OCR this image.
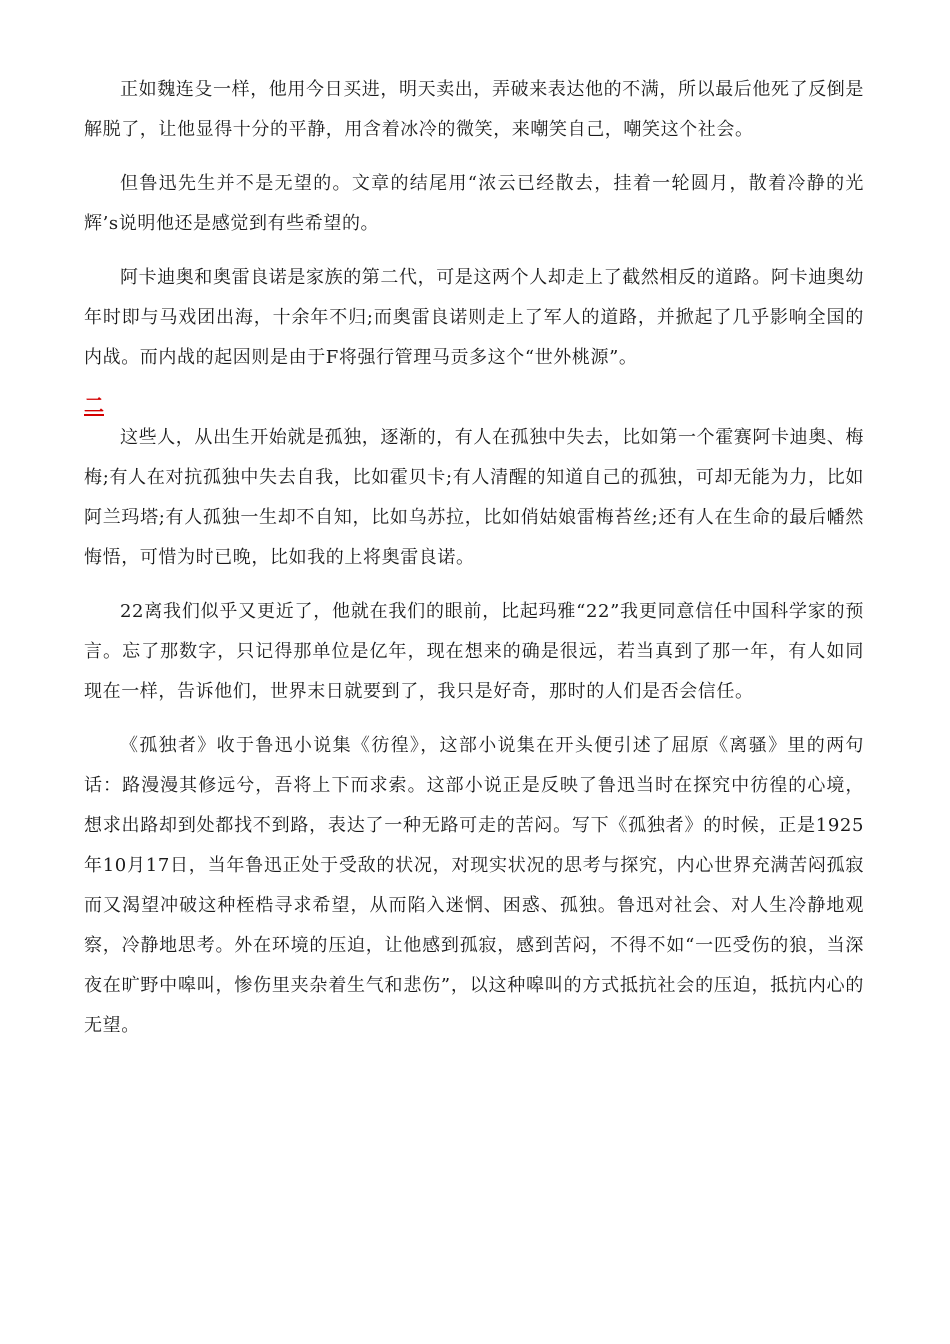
正如魏连殳一样，他用今日买进，明天卖出，弄破来表达他的不满，所以最后他死了反倒是解脱了，让他显得十分的平静，用含着冰冷的微笑，来嘲笑自己，嘲笑这个社会。

但鲁迅先生并不是无望的。文章的结尾用“浓云已经散去，挂着一轮圆月，散着冷静的光辉’s说明他还是感觉到有些希望的。

阿卡迪奥和奥雷良诺是家族的第二代，可是这两个人却走上了截然相反的道路。阿卡迪奥幼年时即与马戏团出海，十余年不归;而奥雷良诺则走上了军人的道路，并掀起了几乎影响全国的内战。而内战的起因则是由于F将强行管理马贡多这个“世外桃源”。

二

这些人，从出生开始就是孤独，逐渐的，有人在孤独中失去，比如第一个霍赛阿卡迪奥、梅梅;有人在对抗孤独中失去自我，比如霍贝卡;有人清醒的知道自己的孤独，可却无能为力，比如阿兰玛塔;有人孤独一生却不自知，比如乌苏拉，比如俏姑娘雷梅苔丝;还有人在生命的最后幡然悔悟，可惜为时已晚，比如我的上将奥雷良诺。

22离我们似乎又更近了，他就在我们的眼前，比起玛雅“22”我更同意信任中国科学家的预言。忘了那数字，只记得那单位是亿年，现在想来的确是很远，若当真到了那一年，有人如同现在一样，告诉他们，世界末日就要到了，我只是好奇，那时的人们是否会信任。

《孤独者》收于鲁迅小说集《彷徨》，这部小说集在开头便引述了屈原《离骚》里的两句话：路漫漫其修远兮，吾将上下而求索。这部小说正是反映了鲁迅当时在探究中彷徨的心境，想求出路却到处都找不到路，表达了一种无路可走的苦闷。写下《孤独者》的时候，正是1925年10月17日，当年鲁迅正处于受敌的状况，对现实状况的思考与探究，内心世界充满苦闷孤寂而又渴望冲破这种桎梏寻求希望，从而陷入迷惘、困惑、孤独。鲁迅对社会、对人生冷静地观察，冷静地思考。外在环境的压迫，让他感到孤寂，感到苦闷，不得不如“一匹受伤的狼，当深夜在旷野中嗥叫，惨伤里夹杂着生气和悲伤”，以这种嗥叫的方式抵抗社会的压迫，抵抗内心的无望。
